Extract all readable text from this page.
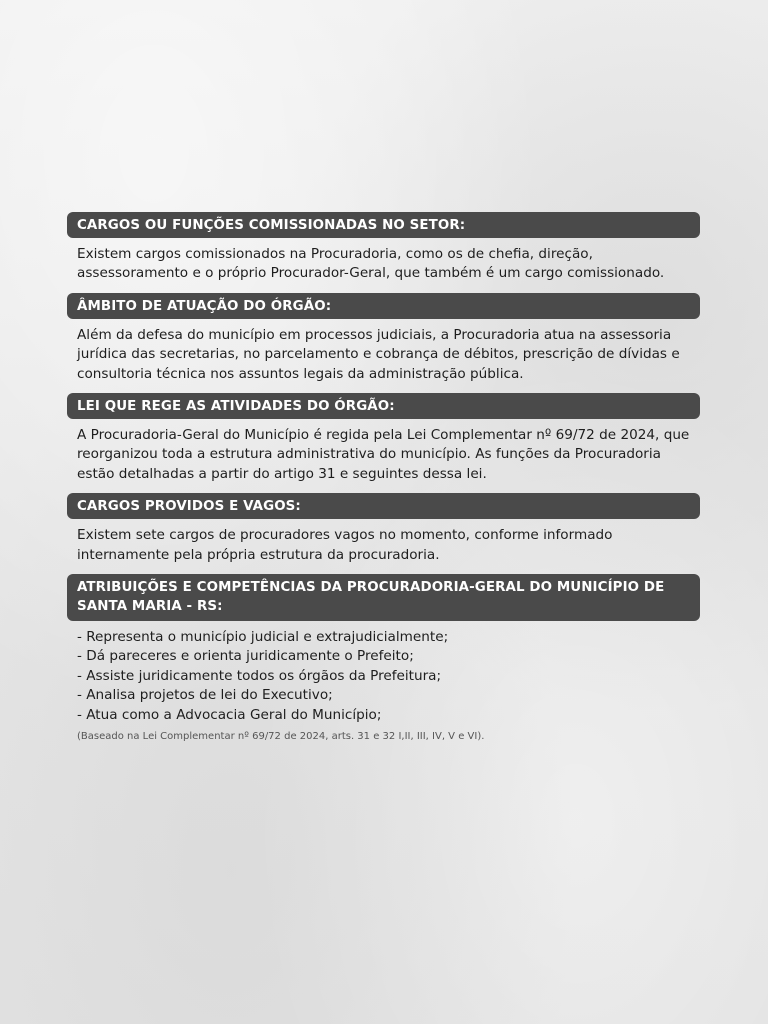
CARGOS OU FUNÇÕES COMISSIONADAS NO SETOR:

Existem cargos comissionados na Procuradoria, como os de chefia, direção, assessoramento e o próprio Procurador-Geral, que também é um cargo comissionado.

ÂMBITO DE ATUAÇÃO DO ÓRGÃO:

Além da defesa do município em processos judiciais, a Procuradoria atua na assessoria jurídica das secretarias, no parcelamento e cobrança de débitos, prescrição de dívidas e consultoria técnica nos assuntos legais da administração pública.

LEI QUE REGE AS ATIVIDADES DO ÓRGÃO:

A Procuradoria-Geral do Município é regida pela Lei Complementar nº 69/72 de 2024, que reorganizou toda a estrutura administrativa do município. As funções da Procuradoria estão detalhadas a partir do artigo 31 e seguintes dessa lei.

CARGOS PROVIDOS E VAGOS:

Existem sete cargos de procuradores vagos no momento, conforme informado internamente pela própria estrutura da procuradoria.

ATRIBUIÇÕES E COMPETÊNCIAS DA PROCURADORIA-GERAL DO MUNICÍPIO DE SANTA MARIA - RS:
- Representa o município judicial e extrajudicialmente;
- Dá pareceres e orienta juridicamente o Prefeito;
- Assiste juridicamente todos os órgãos da Prefeitura;
- Analisa projetos de lei do Executivo;
- Atua como a Advocacia Geral do Município;
(Baseado na Lei Complementar nº 69/72 de 2024, arts. 31 e 32 I,II, III, IV, V e VI).
